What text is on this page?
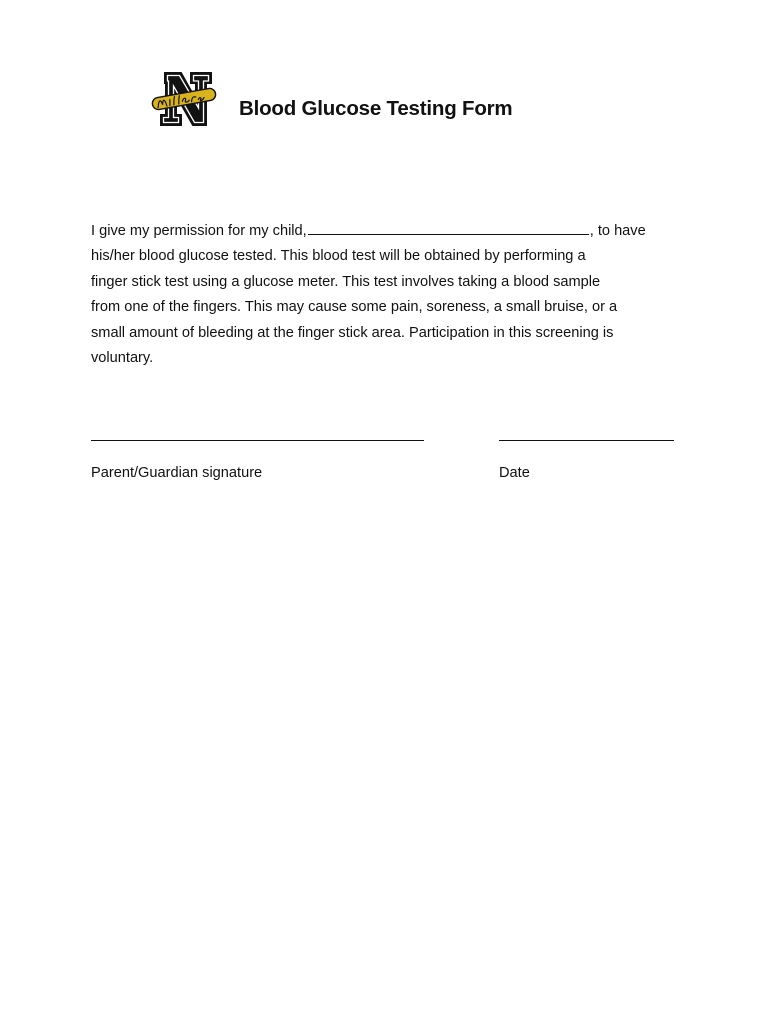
Blood Glucose Testing Form
I give my permission for my child,	, to have
his/her blood glucose tested. This blood test will be obtained by performing a
finger stick test using a glucose meter. This test involves taking a blood sample
from one of the fingers. This may cause some pain, soreness, a small bruise, or a
small amount of bleeding at the finger stick area. Participation in this screening is
voluntary.
Parent/Guardian signature	Date
